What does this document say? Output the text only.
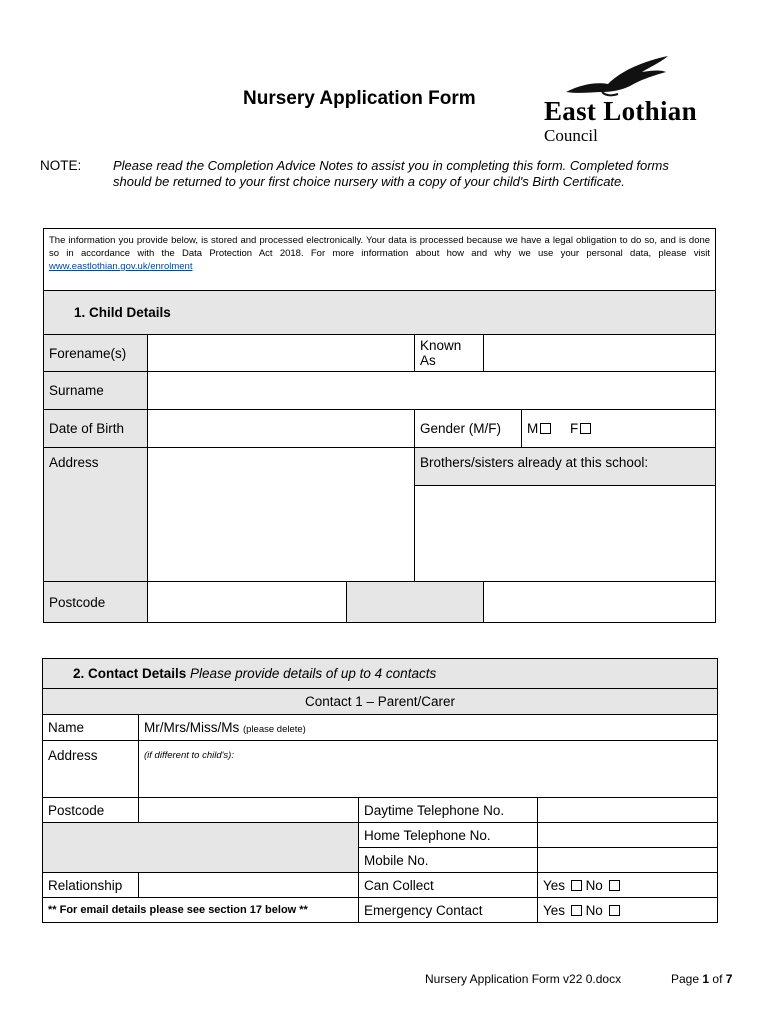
Nursery Application Form	East Lothian
Council
NOTE: Please read the Completion Advice Notes to assist you in completing this form. Completed forms should be returned to your first choice nursery with a copy of your child's Birth Certificate.
The information you provide below, is stored and processed electronically. Your data is processed because we have a legal obligation to do so, and is done so in accordance with the Data Protection Act 2018. For more information about how and why we use your personal data, please visit www.eastlothian.gov.uk/enrolment					
1. Child Details					
Forename(s)			Known As		
Surname					
Date of Birth			Gender (M/F)		M F
Address			Brothers/sisters already at this school:		

Postcode					
2. Contact Details Please provide details of up to 4 contacts			
Contact 1 – Parent/Carer			
Name	Mr/Mrs/Miss/Ms (please delete)		
Address	(if different to child's):		
Postcode		Daytime Telephone No.	
		Home Telephone No.	
		Mobile No.	
Relationship		Can Collect	Yes No
** For email details please see section 17 below **		Emergency Contact	Yes No
Nursery Application Form v22 0.docx	Page 1 of 7
